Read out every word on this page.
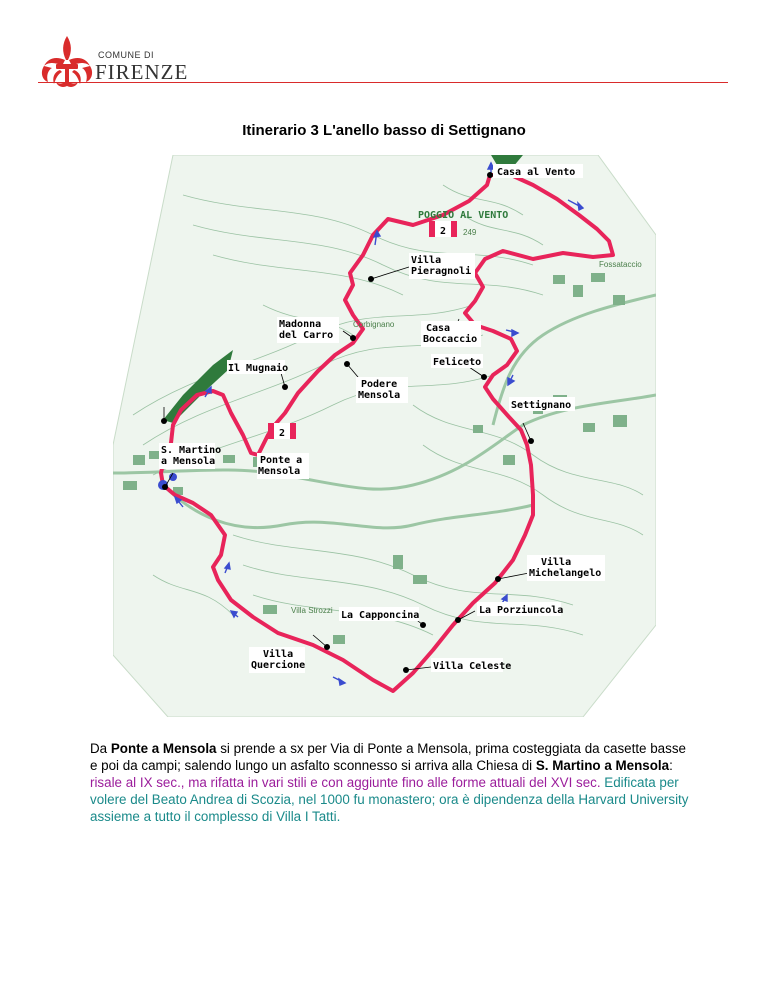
COMUNE DI
FIRENZE
Itinerario 3 L'anello basso di Settignano
2
2
Casa al Vento
POGGIO AL VENTO
249
Villa
Pieragnoli
Madonna
del Carro
Corbignano	Casa
Boccaccio
Feliceto
Il Mugnaio
Podere
Mensola
Settignano
S. Martino
a Mensola	Ponte a
Mensola
Villa
Michelangelo
La Porziuncola
La Capponcina
Villa Strozzi
Fossataccio
Villa
Quercione	Villa Celeste
Da Ponte a Mensola si prende a sx per Via di Ponte a Mensola, prima costeggiata da casette basse e poi da campi; salendo lungo un asfalto sconnesso si arriva alla Chiesa di S. Martino a Mensola: risale al IX sec., ma rifatta in vari stili e con aggiunte fino alle forme attuali del XVI sec. Edificata per volere del Beato Andrea di Scozia, nel 1000 fu monastero; ora è dipendenza della Harvard University assieme a tutto il complesso di Villa I Tatti.
